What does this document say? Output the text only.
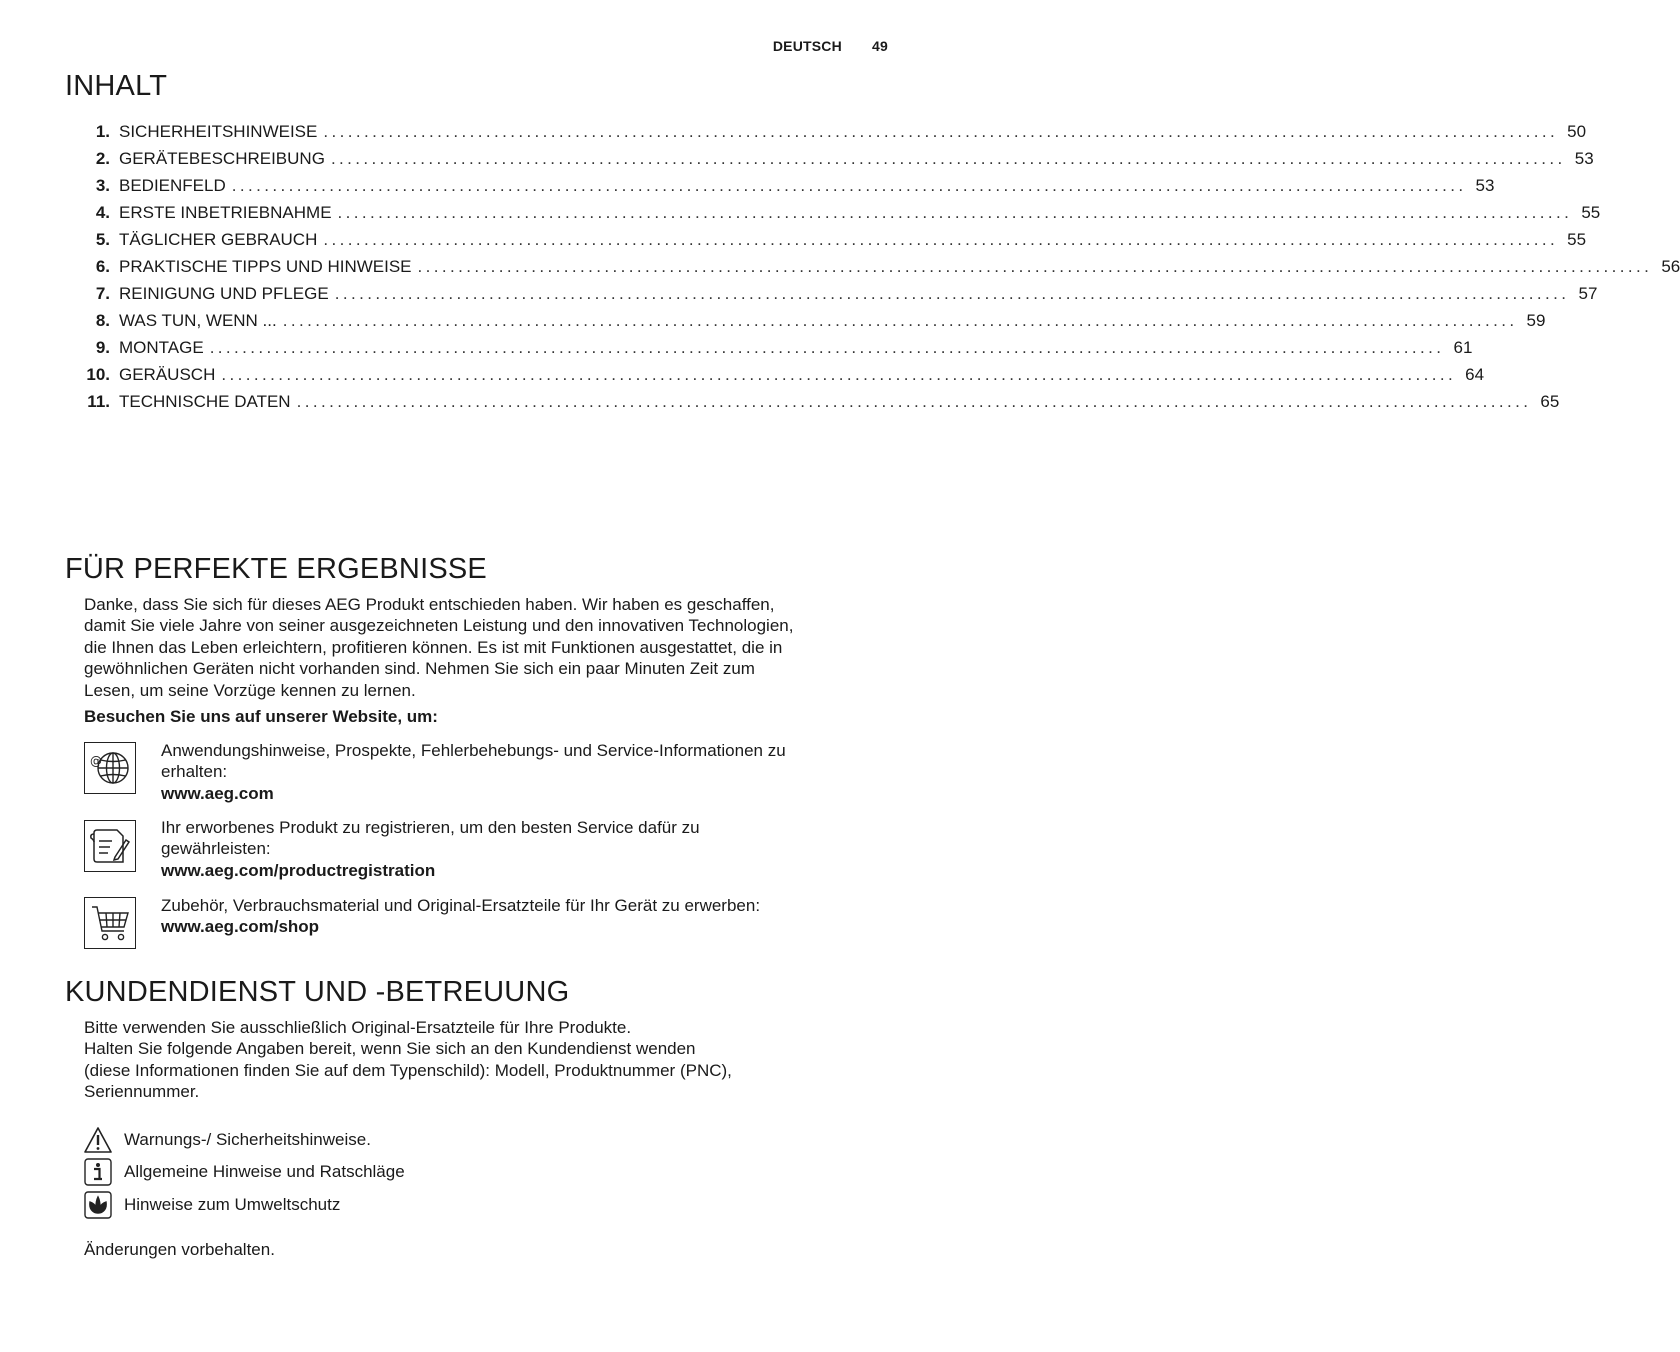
DEUTSCH 49
INHALT
1. SICHERHEITSHINWEISE ........................................................................................................................................................ 50
2. GERÄTEBESCHREIBUNG ........................................................................................................................................................ 53
3. BEDIENFELD ........................................................................................................................................................ 53
4. ERSTE INBETRIEBNAHME ........................................................................................................................................................ 55
5. TÄGLICHER GEBRAUCH ........................................................................................................................................................ 55
6. PRAKTISCHE TIPPS UND HINWEISE ........................................................................................................................................................ 56
7. REINIGUNG UND PFLEGE ........................................................................................................................................................ 57
8. WAS TUN, WENN ... ........................................................................................................................................................ 59
9. MONTAGE ........................................................................................................................................................ 61
10. GERÄUSCH ........................................................................................................................................................ 64
11. TECHNISCHE DATEN ........................................................................................................................................................ 65
FÜR PERFEKTE ERGEBNISSE
Danke, dass Sie sich für dieses AEG Produkt entschieden haben. Wir haben es geschaffen,
damit Sie viele Jahre von seiner ausgezeichneten Leistung und den innovativen Technologien,
die Ihnen das Leben erleichtern, profitieren können. Es ist mit Funktionen ausgestattet, die in
gewöhnlichen Geräten nicht vorhanden sind. Nehmen Sie sich ein paar Minuten Zeit zum
Lesen, um seine Vorzüge kennen zu lernen.
Besuchen Sie uns auf unserer Website, um:
@
Anwendungshinweise, Prospekte, Fehlerbehebungs- und Service-Informationen zu
erhalten:
www.aeg.com
Ihr erworbenes Produkt zu registrieren, um den besten Service dafür zu
gewährleisten:
www.aeg.com/productregistration
Zubehör, Verbrauchsmaterial und Original-Ersatzteile für Ihr Gerät zu erwerben:
www.aeg.com/shop
KUNDENDIENST UND -BETREUUNG
Bitte verwenden Sie ausschließlich Original-Ersatzteile für Ihre Produkte.
Halten Sie folgende Angaben bereit, wenn Sie sich an den Kundendienst wenden
(diese Informationen finden Sie auf dem Typenschild): Modell, Produktnummer (PNC),
Seriennummer.
Warnungs-/ Sicherheitshinweise.
Allgemeine Hinweise und Ratschläge
Hinweise zum Umweltschutz
Änderungen vorbehalten.
